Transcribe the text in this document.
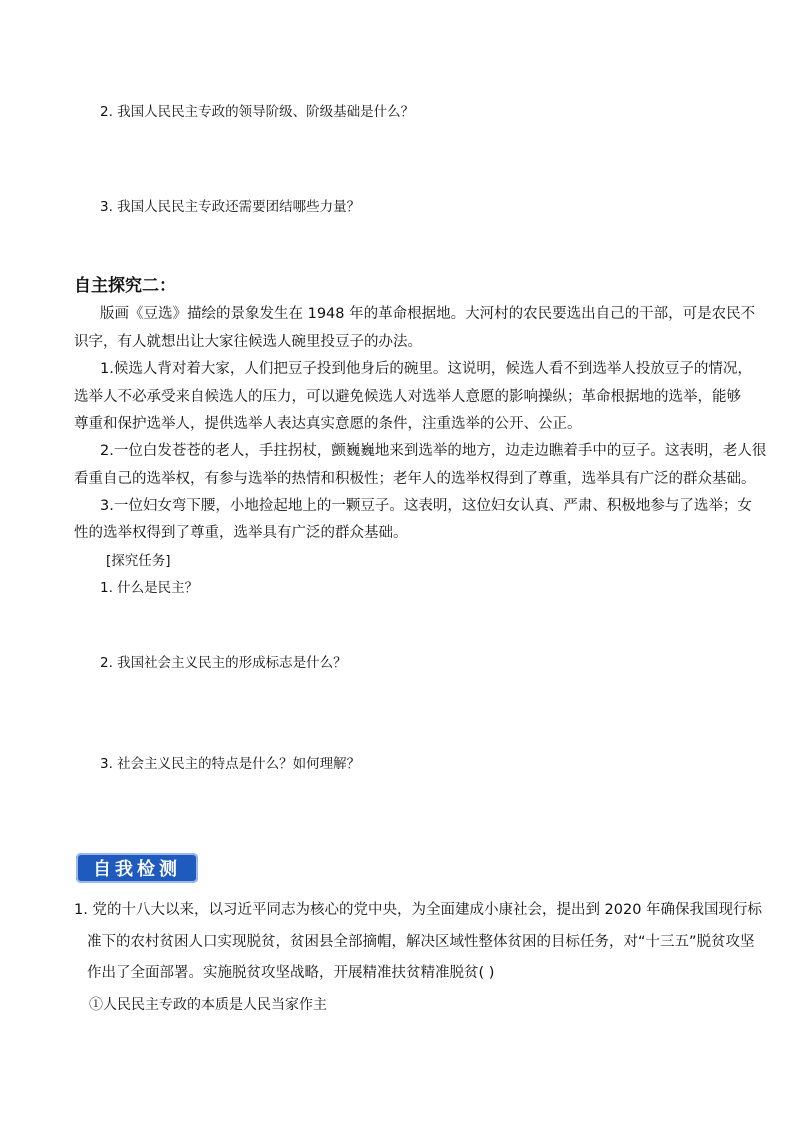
2. 我国人民民主专政的领导阶级、阶级基础是什么？
3. 我国人民民主专政还需要团结哪些力量？
自主探究二：
版画《豆选》描绘的景象发生在 1948 年的革命根据地。大河村的农民要选出自己的干部，可是农民不
识字，有人就想出让大家往候选人碗里投豆子的办法。
1.候选人背对着大家，人们把豆子投到他身后的碗里。这说明，候选人看不到选举人投放豆子的情况，
选举人不必承受来自候选人的压力，可以避免候选人对选举人意愿的影响操纵；革命根据地的选举，能够
尊重和保护选举人，提供选举人表达真实意愿的条件，注重选举的公开、公正。
2.一位白发苍苍的老人，手拄拐杖，颤巍巍地来到选举的地方，边走边瞧着手中的豆子。这表明，老人很
看重自己的选举权，有参与选举的热情和积极性；老年人的选举权得到了尊重，选举具有广泛的群众基础。
3.一位妇女弯下腰，小地捡起地上的一颗豆子。这表明，这位妇女认真、严肃、积极地参与了选举；女
性的选举权得到了尊重，选举具有广泛的群众基础。
[探究任务]
1. 什么是民主？
2. 我国社会主义民主的形成标志是什么？
3. 社会主义民主的特点是什么？如何理解？
自我检测
1. 党的十八大以来，以习近平同志为核心的党中央，为全面建成小康社会，提出到 2020 年确保我国现行标
准下的农村贫困人口实现脱贫，贫困县全部摘帽，解决区域性整体贫困的目标任务，对“十三五”脱贫攻坚
作出了全面部署。实施脱贫攻坚战略，开展精准扶贫精准脱贫( )
①人民民主专政的本质是人民当家作主
